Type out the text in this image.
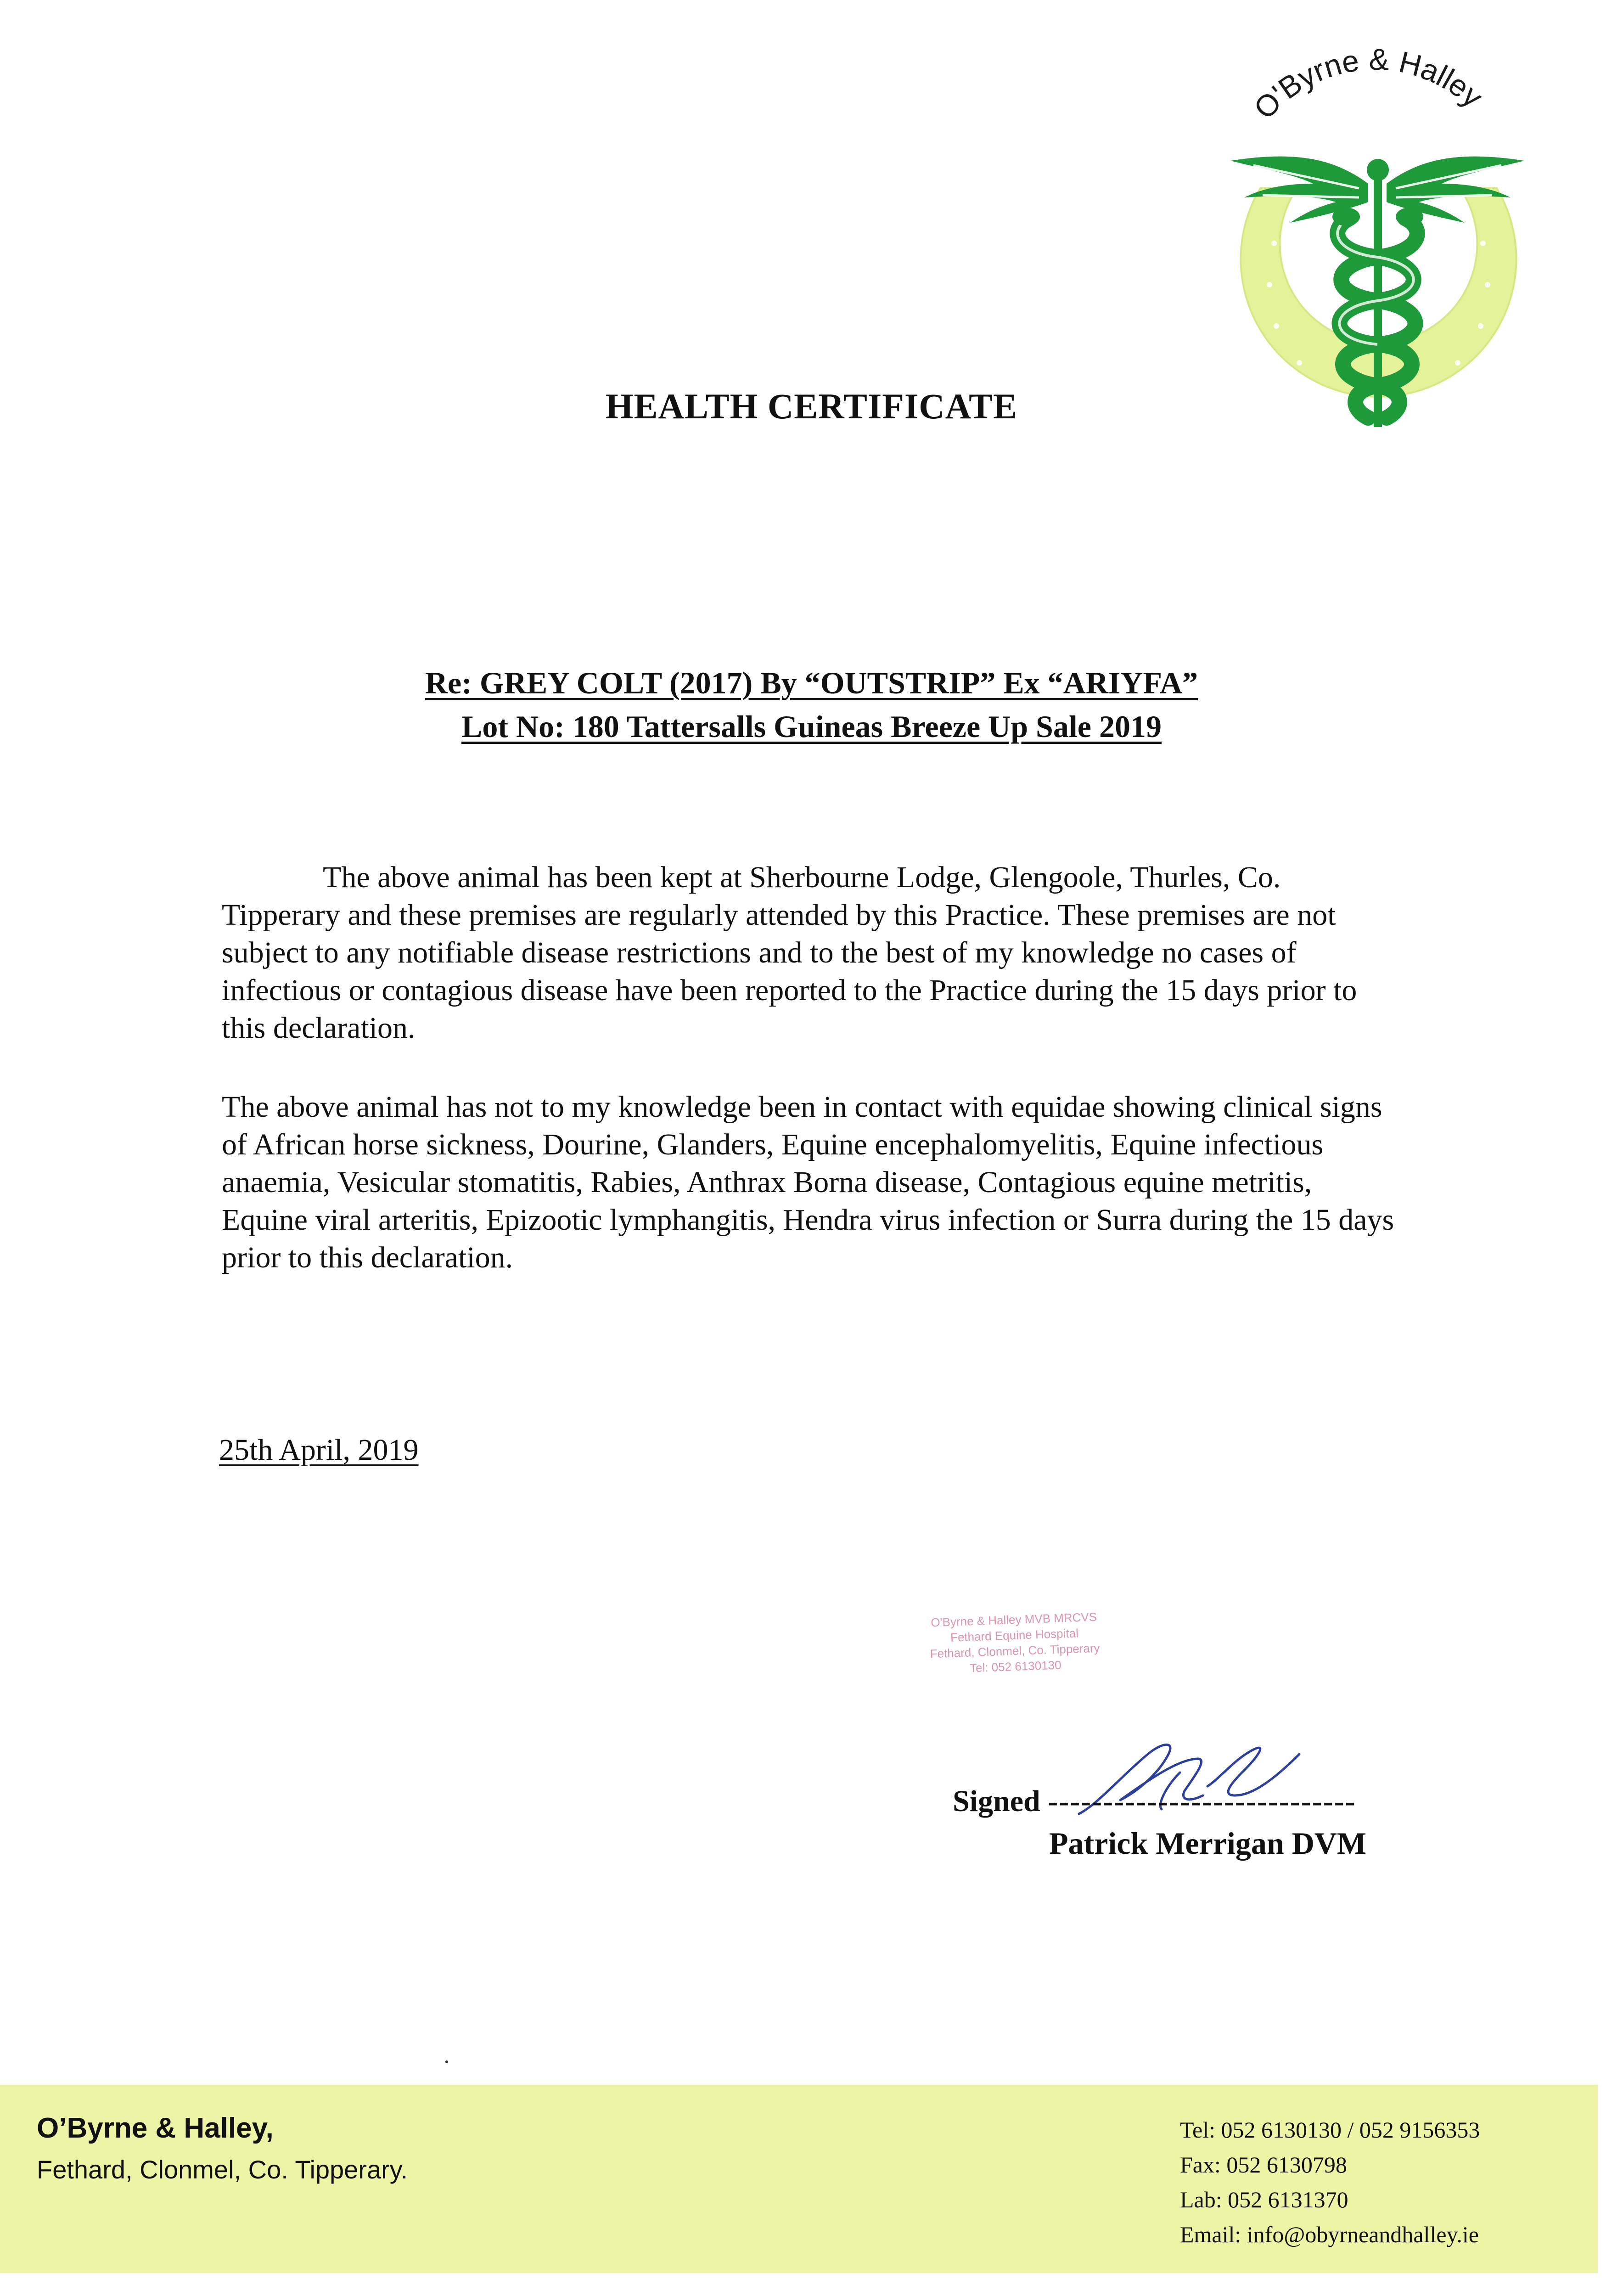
O'Byrne & Halley
HEALTH CERTIFICATE
Re: GREY COLT (2017) By “OUTSTRIP” Ex “ARIYFA”
Lot No: 180 Tattersalls Guineas Breeze Up Sale 2019
The above animal has been kept at Sherbourne Lodge, Glengoole, Thurles, Co. Tipperary and these premises are regularly attended by this Practice. These premises are not subject to any notifiable disease restrictions and to the best of my knowledge no cases of infectious or contagious disease have been reported to the Practice during the 15 days prior to this declaration.
The above animal has not to my knowledge been in contact with equidae showing clinical signs of African horse sickness, Dourine, Glanders, Equine encephalomyelitis, Equine infectious anaemia, Vesicular stomatitis, Rabies, Anthrax Borna disease, Contagious equine metritis, Equine viral arteritis, Epizootic lymphangitis, Hendra virus infection or Surra during the 15 days prior to this declaration.
25th April, 2019
O'Byrne & Halley MVB MRCVS
Fethard Equine Hospital
Fethard, Clonmel, Co. Tipperary
Tel: 052 6130130
Signed ----------------------------
Patrick Merrigan DVM
O’Byrne & Halley,
Fethard, Clonmel, Co. Tipperary.
Tel: 052 6130130 / 052 9156353
Fax: 052 6130798
Lab: 052 6131370
Email: info@obyrneandhalley.ie
